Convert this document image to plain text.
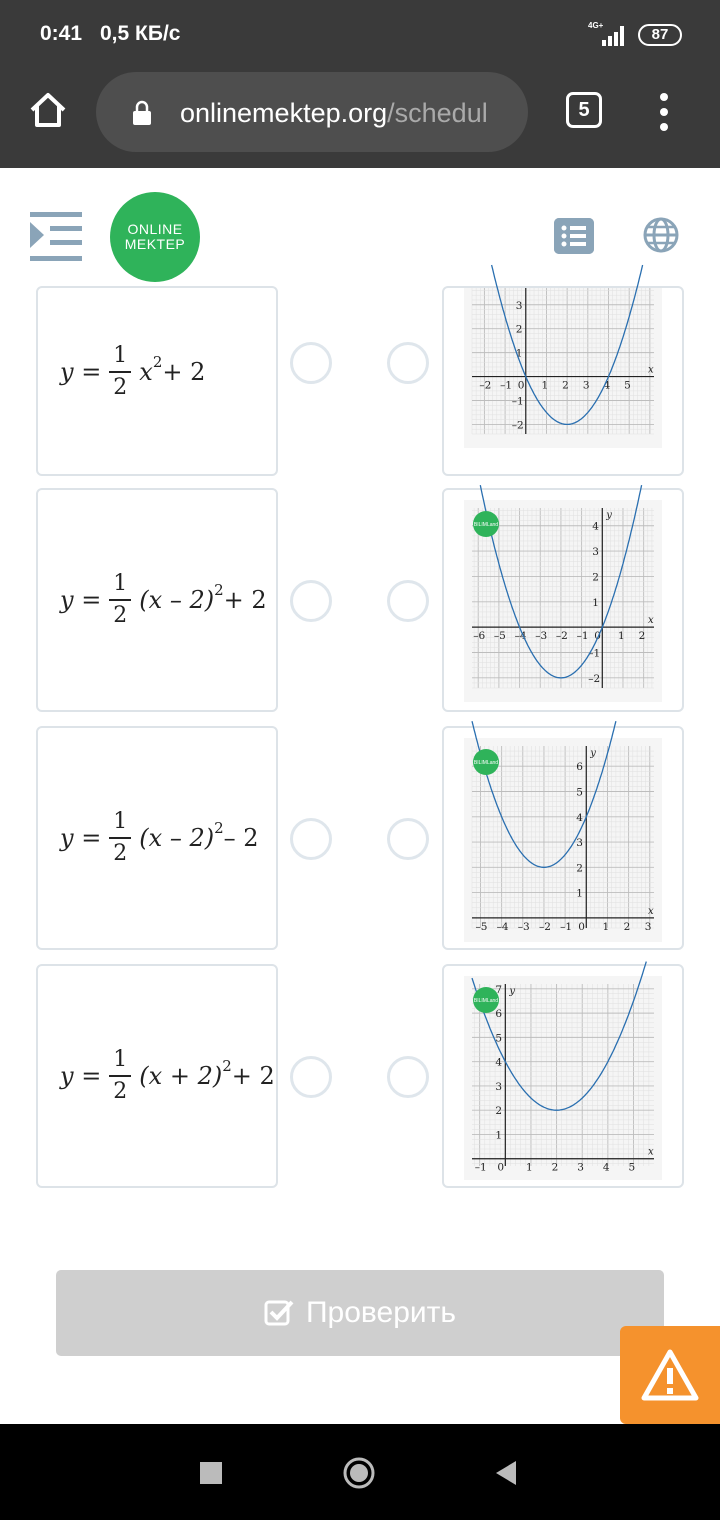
0:41 0,5 КБ/с	4G+
87
onlinemektep.org/schedul	5
ONLINE
MEKTEP
$y = \frac{1}{2}$ x 2 + 2	x
–2 –1 0 1 2 3 4 5
3
2
1
–1
–2
$y = \frac{1}{2} (x - 2) 2 + 2$
x
y
–6 –5 –4 –3 –2 –1 0 1 2
4
3
2
1
–1
–2
BILIMLand
$y = \frac{1}{2} (x - 2)$ 2 – 2
x
y
–5 –4 –3 –2 –1 0 1 2 3
6
5
4
3
2
1
BILIMLand
$y = \frac{1}{2} (x + 2) 2 + 2$
x
y
–1 0 1 2 3 4 5
7
6
5
4
3
2
1
BILIMLand
Проверить
